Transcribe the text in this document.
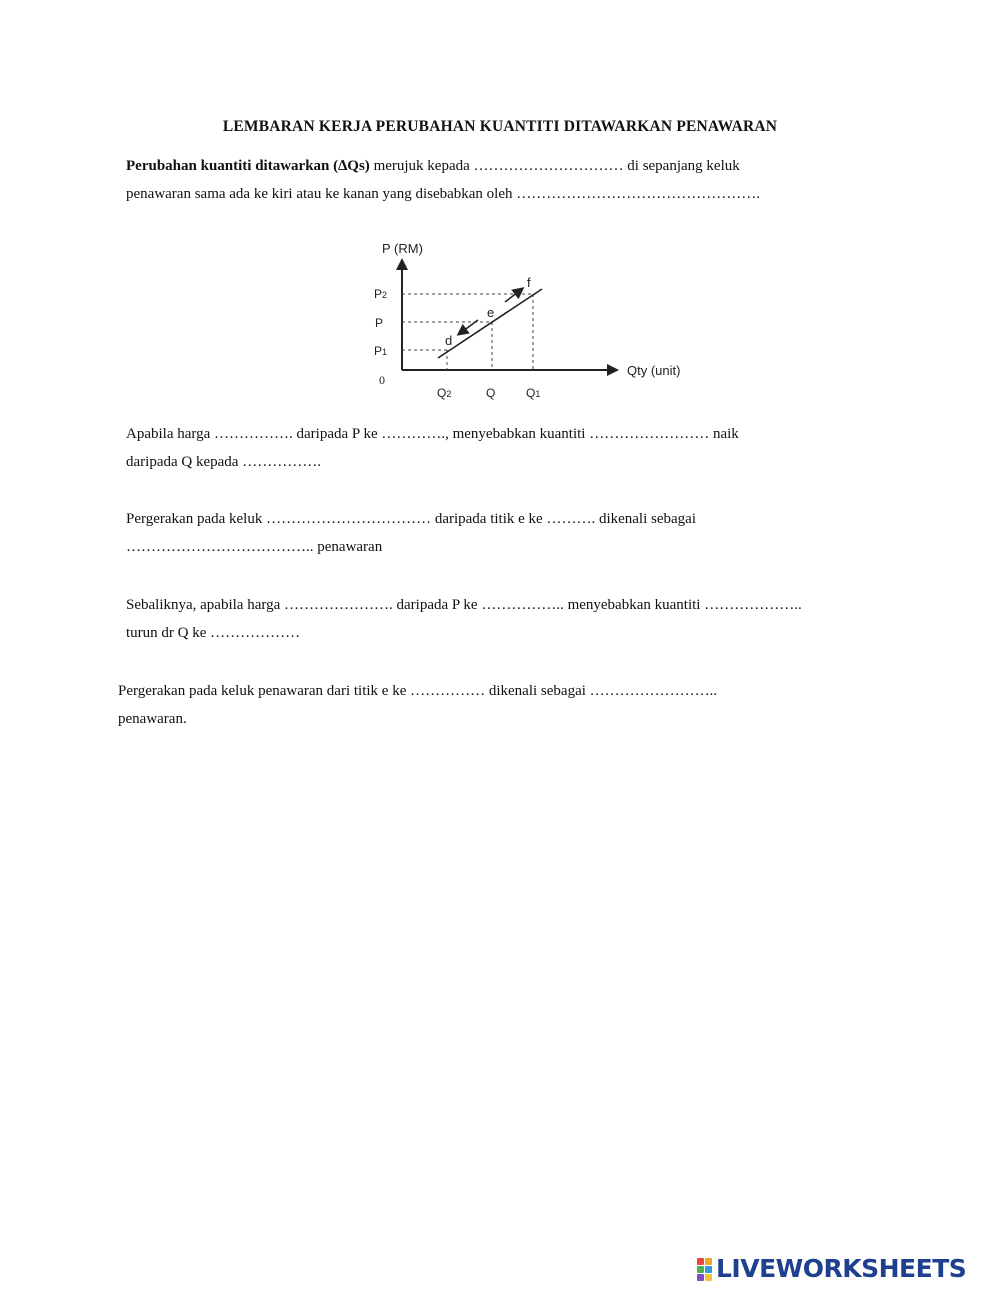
LEMBARAN KERJA PERUBAHAN KUANTITI DITAWARKAN PENAWARAN

Perubahan kuantiti ditawarkan (∆Qs) merujuk kepada ………………………… di sepanjang keluk
penawaran sama ada ke kiri atau ke kanan yang disebabkan oleh ………………………………………….

P (RM)
Qty (unit)
0
P2
P
P1
Q2	Q	Q1
d
e
f

Apabila harga ……………. daripada P ke …………., menyebabkan kuantiti …………………… naik
daripada Q kepada …………….

Pergerakan pada keluk …………………………… daripada titik e ke ………. dikenali sebagai
……………………………….. penawaran

Sebaliknya, apabila harga …………………. daripada P ke …………….. menyebabkan kuantiti ………………..
turun dr Q ke ………………

Pergerakan pada keluk penawaran dari titik e ke …………… dikenali sebagai ……………………..
penawaran.

LIVEWORKSHEETS
